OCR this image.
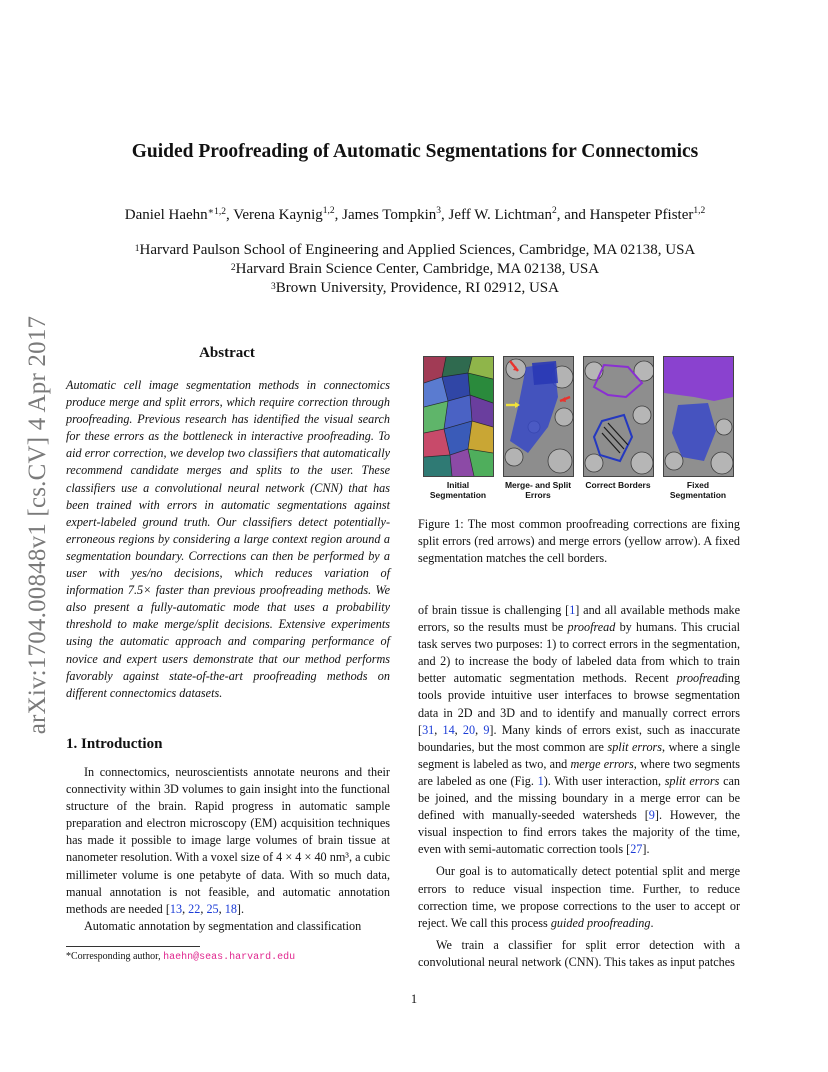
arXiv:1704.00848v1 [cs.CV] 4 Apr 2017
Guided Proofreading of Automatic Segmentations for Connectomics
Daniel Haehn$^{∗1,2}$, Verena Kaynig$^{1,2}$, James Tompkin$^3$, Jeff W. Lichtman$^2$, and Hanspeter Pfister$^{1,2}$
$^1$Harvard Paulson School of Engineering and Applied Sciences, Cambridge, MA 02138, USA
$^2$Harvard Brain Science Center, Cambridge, MA 02138, USA
$^3$Brown University, Providence, RI 02912, USA
Abstract
Automatic cell image segmentation methods in connectomics produce merge and split errors, which require correction through proofreading. Previous research has identified the visual search for these errors as the bottleneck in interactive proofreading. To aid error correction, we develop two classifiers that automatically recommend candidate merges and splits to the user. These classifiers use a convolutional neural network (CNN) that has been trained with errors in automatic segmentations against expert-labeled ground truth. Our classifiers detect potentially-erroneous regions by considering a large context region around a segmentation boundary. Corrections can then be performed by a user with yes/no decisions, which reduces variation of information 7.5× faster than previous proofreading methods. We also present a fully-automatic mode that uses a probability threshold to make merge/split decisions. Extensive experiments using the automatic approach and comparing performance of novice and expert users demonstrate that our method performs favorably against state-of-the-art proofreading methods on different connectomics datasets.
1. Introduction

In connectomics, neuroscientists annotate neurons and their connectivity within 3D volumes to gain insight into the functional structure of the brain. Rapid progress in automatic sample preparation and electron microscopy (EM) acquisition techniques has made it possible to image large volumes of brain tissue at nanometer resolution. With a voxel size of 4 × 4 × 40 nm³, a cubic millimeter volume is one petabyte of data. With so much data, manual annotation is not feasible, and automatic annotation methods are needed [13, 22, 25, 18].

Automatic annotation by segmentation and classification

*Corresponding author, haehn@seas.harvard.edu
Initial Segmentation
Merge- and Split Errors
Correct Borders	Fixed Segmentation
Figure 1: The most common proofreading corrections are fixing split errors (red arrows) and merge errors (yellow arrow). A fixed segmentation matches the cell borders.

of brain tissue is challenging [1] and all available methods make errors, so the results must be proofread by humans. This crucial task serves two purposes: 1) to correct errors in the segmentation, and 2) to increase the body of labeled data from which to train better automatic segmentation methods. Recent proofreading tools provide intuitive user interfaces to browse segmentation data in 2D and 3D and to identify and manually correct errors [31, 14, 20, 9]. Many kinds of errors exist, such as inaccurate boundaries, but the most common are split errors, where a single segment is labeled as two, and merge errors, where two segments are labeled as one (Fig. 1). With user interaction, split errors can be joined, and the missing boundary in a merge error can be defined with manually-seeded watersheds [9]. However, the visual inspection to find errors takes the majority of the time, even with semi-automatic correction tools [27].

Our goal is to automatically detect potential split and merge errors to reduce visual inspection time. Further, to reduce correction time, we propose corrections to the user to accept or reject. We call this process guided proofreading.

We train a classifier for split error detection with a convolutional neural network (CNN). This takes as input patches

1
